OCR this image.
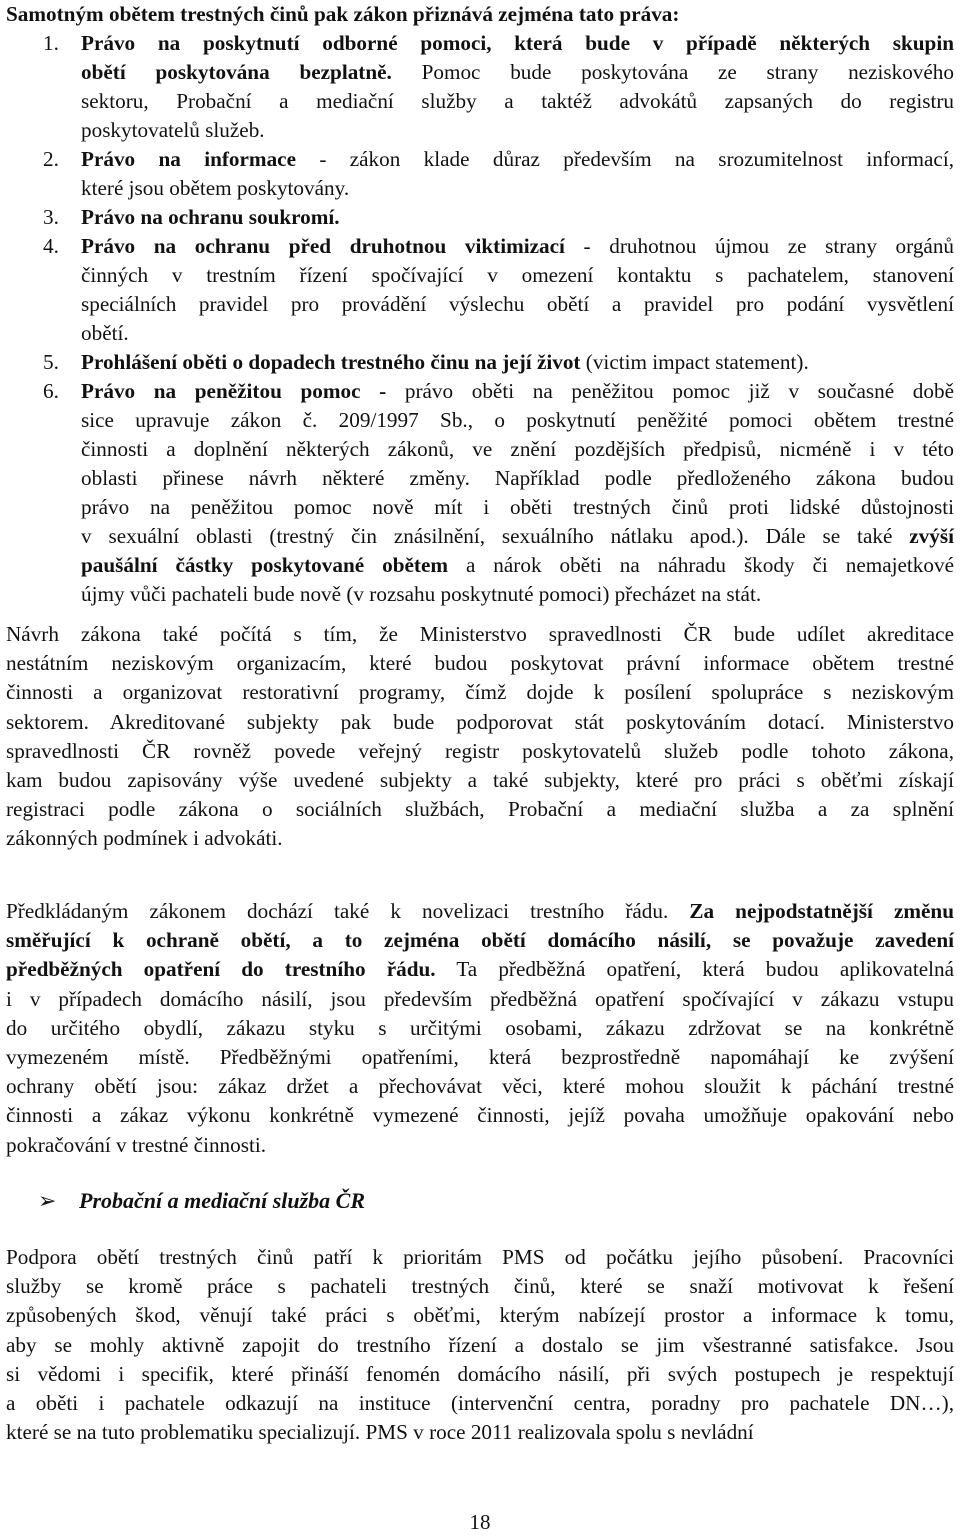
Samotným obětem trestných činů pak zákon přiznává zejména tato práva:

1. Právo na poskytnutí odborné pomoci, která bude v případě některých skupin

obětí poskytována bezplatně. Pomoc bude poskytována ze strany neziskového

sektoru, Probační a mediační služby a taktéž advokátů zapsaných do registru

poskytovatelů služeb.

2. Právo na informace - zákon klade důraz především na srozumitelnost informací,

které jsou obětem poskytovány.

3. Právo na ochranu soukromí.

4. Právo na ochranu před druhotnou viktimizací - druhotnou újmou ze strany orgánů

činných v trestním řízení spočívající v omezení kontaktu s pachatelem, stanovení

speciálních pravidel pro provádění výslechu obětí a pravidel pro podání vysvětlení

obětí.

5. Prohlášení oběti o dopadech trestného činu na její život (victim impact statement).

6. Právo na peněžitou pomoc - právo oběti na peněžitou pomoc již v současné době

sice upravuje zákon č. 209/1997 Sb., o poskytnutí peněžité pomoci obětem trestné

činnosti a doplnění některých zákonů, ve znění pozdějších předpisů, nicméně i v této

oblasti přinese návrh některé změny. Například podle předloženého zákona budou

právo na peněžitou pomoc nově mít i oběti trestných činů proti lidské důstojnosti

v sexuální oblasti (trestný čin znásilnění, sexuálního nátlaku apod.). Dále se také zvýší

paušální částky poskytované obětem a nárok oběti na náhradu škody či nemajetkové

újmy vůči pachateli bude nově (v rozsahu poskytnuté pomoci) přecházet na stát.

Návrh zákona také počítá s tím, že Ministerstvo spravedlnosti ČR bude udílet akreditace

nestátním neziskovým organizacím, které budou poskytovat právní informace obětem trestné

činnosti a organizovat restorativní programy, čímž dojde k posílení spolupráce s neziskovým

sektorem. Akreditované subjekty pak bude podporovat stát poskytováním dotací. Ministerstvo

spravedlnosti ČR rovněž povede veřejný registr poskytovatelů služeb podle tohoto zákona,

kam budou zapisovány výše uvedené subjekty a také subjekty, které pro práci s oběťmi získají

registraci podle zákona o sociálních službách, Probační a mediační služba a za splnění

zákonných podmínek i advokáti.

Předkládaným zákonem dochází také k novelizaci trestního řádu. Za nejpodstatnější změnu

směřující k ochraně obětí, a to zejména obětí domácího násilí, se považuje zavedení

předběžných opatření do trestního řádu. Ta předběžná opatření, která budou aplikovatelná

i v případech domácího násilí, jsou především předběžná opatření spočívající v zákazu vstupu

do určitého obydlí, zákazu styku s určitými osobami, zákazu zdržovat se na konkrétně

vymezeném místě. Předběžnými opatřeními, která bezprostředně napomáhají ke zvýšení

ochrany obětí jsou: zákaz držet a přechovávat věci, které mohou sloužit k páchání trestné

činnosti a zákaz výkonu konkrétně vymezené činnosti, jejíž povaha umožňuje opakování nebo

pokračování v trestné činnosti.

➢ Probační a mediační služba ČR

Podpora obětí trestných činů patří k prioritám PMS od počátku jejího působení. Pracovníci

služby se kromě práce s pachateli trestných činů, které se snaží motivovat k řešení

způsobených škod, věnují také práci s oběťmi, kterým nabízejí prostor a informace k tomu,

aby se mohly aktivně zapojit do trestního řízení a dostalo se jim všestranné satisfakce. Jsou

si vědomi i specifik, které přináší fenomén domácího násilí, při svých postupech je respektují

a oběti i pachatele odkazují na instituce (intervenční centra, poradny pro pachatele DN…),

které se na tuto problematiku specializují. PMS v roce 2011 realizovala spolu s nevládní

18
